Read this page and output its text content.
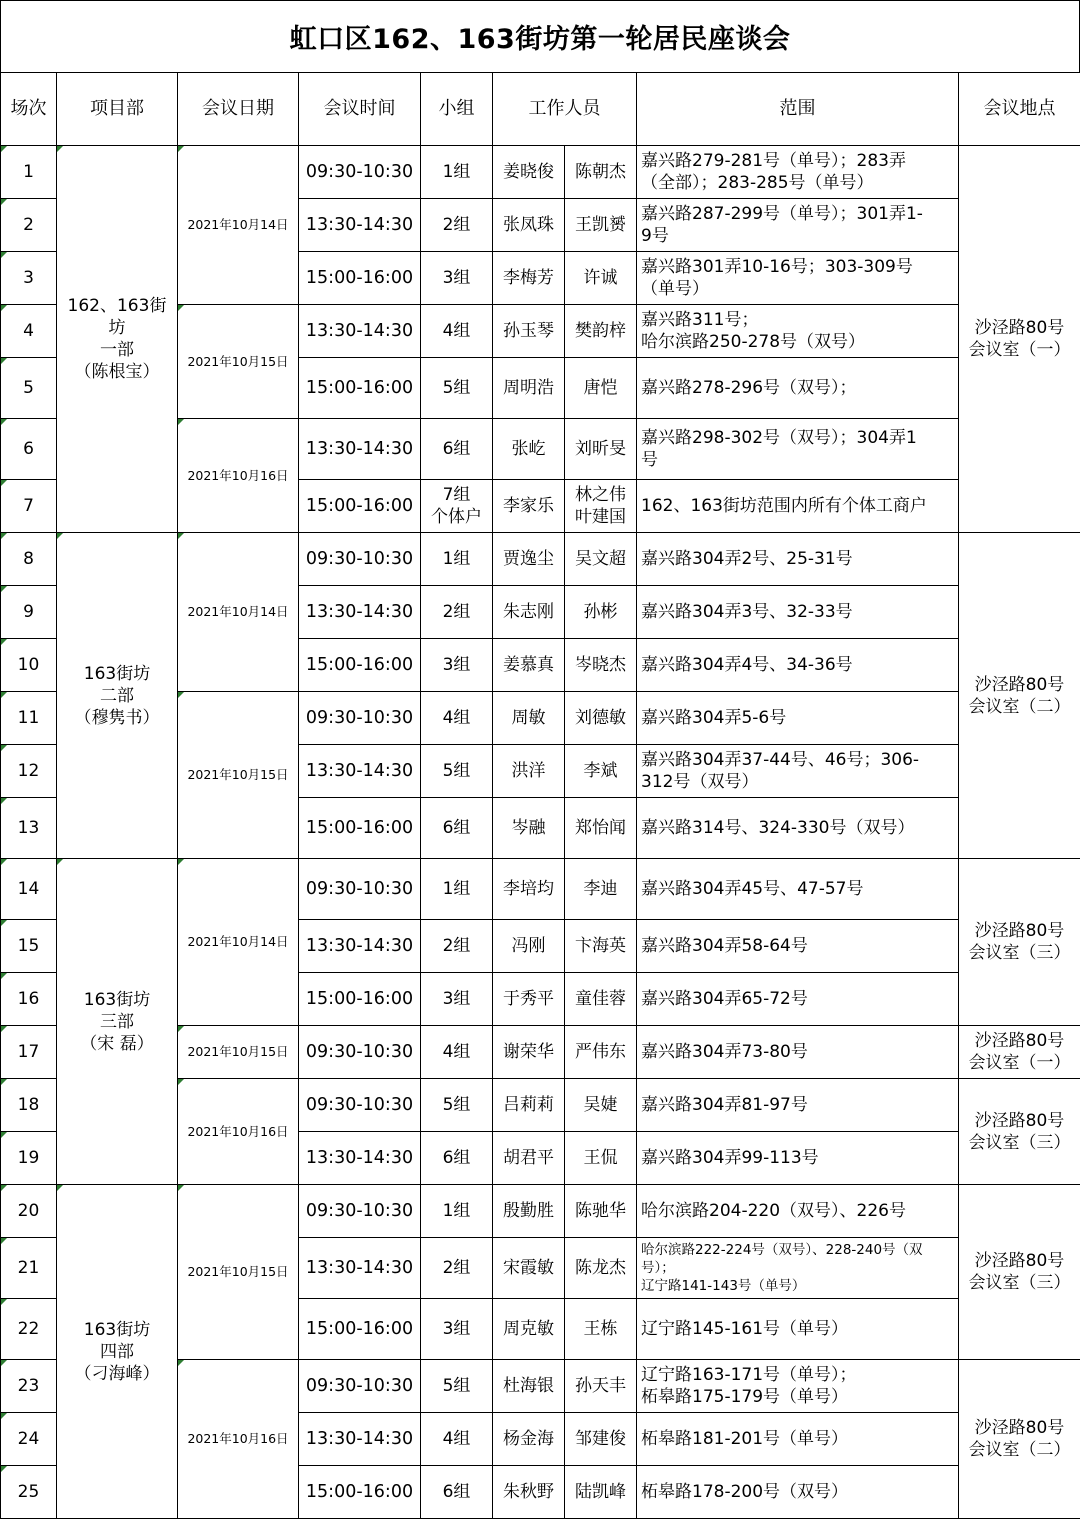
虹口区162、163街坊第一轮居民座谈会
场次	项目部	会议日期	会议时间	小组	工作人员		范围	会议地点
1	162、163街
坊
一部
（陈根宝）	2021年10月14日	09:30-10:30	1组	姜晓俊	陈朝杰	嘉兴路279-281号（单号）；283弄
（全部）；283-285号（单号）	沙泾路80号
会议室（一）
2			13:30-14:30	2组	张凤珠	王凯赟	嘉兴路287-299号（单号）；301弄1-
9号	
3			15:00-16:00	3组	李梅芳	许诚	嘉兴路301弄10-16号；303-309号
（单号）	
4		2021年10月15日	13:30-14:30	4组	孙玉琴	樊韵梓	嘉兴路311号；
哈尔滨路250-278号（双号）	
5			15:00-16:00	5组	周明浩	唐恺	嘉兴路278-296号（双号）；	
6		2021年10月16日	13:30-14:30	6组	张屹	刘昕旻	嘉兴路298-302号（双号）；304弄1
号	
7			15:00-16:00	7组
个体户	李家乐	林之伟
叶建国	162、163街坊范围内所有个体工商户	
8	163街坊
二部
（穆隽书）	2021年10月14日	09:30-10:30	1组	贾逸尘	吴文超	嘉兴路304弄2号、25-31号	沙泾路80号
会议室（二）
9			13:30-14:30	2组	朱志刚	孙彬	嘉兴路304弄3号、32-33号	
10			15:00-16:00	3组	姜慕真	岑晓杰	嘉兴路304弄4号、34-36号	
11		2021年10月15日	09:30-10:30	4组	周敏	刘德敏	嘉兴路304弄5-6号	
12			13:30-14:30	5组	洪洋	李斌	嘉兴路304弄37-44号、46号；306-
312号（双号）	
13			15:00-16:00	6组	岑融	郑怡闻	嘉兴路314号、324-330号（双号）	
14	163街坊
三部
（宋 磊）	2021年10月14日	09:30-10:30	1组	李培均	李迪	嘉兴路304弄45号、47-57号	沙泾路80号
会议室（三）
15			13:30-14:30	2组	冯刚	卞海英	嘉兴路304弄58-64号	
16			15:00-16:00	3组	于秀平	童佳蓉	嘉兴路304弄65-72号	
17		2021年10月15日	09:30-10:30	4组	谢荣华	严伟东	嘉兴路304弄73-80号	沙泾路80号
会议室（一）
18		2021年10月16日	09:30-10:30	5组	吕莉莉	吴婕	嘉兴路304弄81-97号	沙泾路80号
会议室（三）
19			13:30-14:30	6组	胡君平	王侃	嘉兴路304弄99-113号	
20	163街坊
四部
（刁海峰）	2021年10月15日	09:30-10:30	1组	殷勤胜	陈驰华	哈尔滨路204-220（双号）、226号	沙泾路80号
会议室（三）
21			13:30-14:30	2组	宋霞敏	陈龙杰	哈尔滨路222-224号（双号）、228-240号（双
号）；
辽宁路141-143号（单号）	
22			15:00-16:00	3组	周克敏	王栋	辽宁路145-161号（单号）	
23		2021年10月16日	09:30-10:30	5组	杜海银	孙天丰	辽宁路163-171号（单号）；
柘皋路175-179号（单号）	沙泾路80号
会议室（二）
24			13:30-14:30	4组	杨金海	邹建俊	柘皋路181-201号（单号）	
25			15:00-16:00	6组	朱秋野	陆凯峰	柘皋路178-200号（双号）	
